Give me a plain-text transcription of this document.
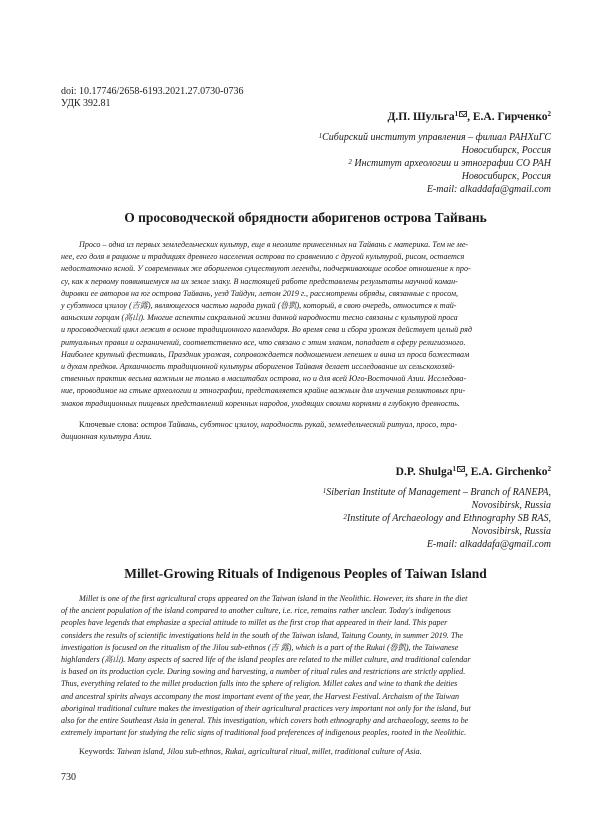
doi: 10.17746/2658-6193.2021.27.0730-0736
УДК 392.81
Д.П. Шульга$^1$ , Е.А. Гирченко$^2$
$^1$Сибирский институт управления – филиал РАНХиГС
Новосибирск, Россия
$^2$ Институт археологии и этнографии СО РАН
Новосибирск, Россия
E-mail: alkaddafa@gmail.com
О просоводческой обрядности аборигенов острова Тайвань
Просо – одна из первых земледельческих культур, еще в неолите принесенных на Тайвань с материка. Тем не ме-
нее, его доля в рационе и традициях древнего населения острова по сравнению с другой культурой, рисом, остается
недостаточно ясной. У современных же аборигенов существуют легенды, подчеркивающие особое отношение к про-
су, как к первому появившемуся на их земле злаку. В настоящей работе представлены результаты научной коман-
дировки ее авторов на юг острова Тайвань, уезд Тайдун, летом 2019 г., рассмотрены обряды, связанные с просом,
у субэтноса цзилоу (吉露), являющегося частью народа рукай (魯凱), который, в свою очередь, относится к тай-
ваньским горцам (高山). Многие аспекты сакральной жизни данной народности тесно связаны с культурой проса
и просоводческий цикл лежит в основе традиционного календаря. Во время сева и сбора урожая действует целый ряд
ритуальных правил и ограничений, соответственно все, что связано с этим злаком, попадает в сферу религиозного.
Наиболее крупный фестиваль, Праздник урожая, сопровождается подношением лепешек и вина из проса божествам
и духам предков. Архаичность традиционной культуры аборигенов Тайваня делает исследование их сельскохозяй-
ственных практик весьма важным не только в масштабах острова, но и для всей Юго-Восточной Азии. Исследова-
ние, проводимое на стыке археологии и этнографии, представляется крайне важным для изучения реликтовых при-
знаков традиционных пищевых представлений коренных народов, уходящих своими корнями в глубокую древность.
Ключевые слова: остров Тайвань, субэтнос цзилоу, народность рукай, земледельческий ритуал, просо, тра-
диционная культура Азии.
D.P. Shulga$^1$ , E.A. Girchenko$^2$
$^1$Siberian Institute of Management – Branch of RANEPA,
Novosibirsk, Russia
$^2$Institute of Archaeology and Ethnography SB RAS,
Novosibirsk, Russia
E-mail: alkaddafa@gmail.com
Millet-Growing Rituals of Indigenous Peoples of Taiwan Island
Millet is one of the first agricultural crops appeared on the Taiwan island in the Neolithic. However, its share in the diet
of the ancient population of the island compared to another culture, i.e. rice, remains rather unclear. Today's indigenous
peoples have legends that emphasize a special attitude to millet as the first crop that appeared in their land. This paper
considers the results of scientific investigations held in the south of the Taiwan island, Taitung County, in summer 2019. The
investigation is focused on the ritualism of the Jilou sub-ethnos (吉 露), which is a part of the Rukai (魯凱), the Taiwanese
highlanders (高山). Many aspects of sacred life of the island peoples are related to the millet culture, and traditional calendar
is based on its production cycle. During sowing and harvesting, a number of ritual rules and restrictions are strictly applied.
Thus, everything related to the millet production falls into the sphere of religion. Millet cakes and wine to thank the deities
and ancestral spirits always accompany the most important event of the year, the Harvest Festival. Archaism of the Taiwan
aboriginal traditional culture makes the investigation of their agricultural practices very important not only for the island, but
also for the entire Southeast Asia in general. This investigation, which covers both ethnography and archaeology, seems to be
extremely important for studying the relic signs of traditional food preferences of indigenous peoples, rooted in the Neolithic.
Keywords: Taiwan island, Jilou sub-ethnos, Rukai, agricultural ritual, millet, traditional culture of Asia.
730
